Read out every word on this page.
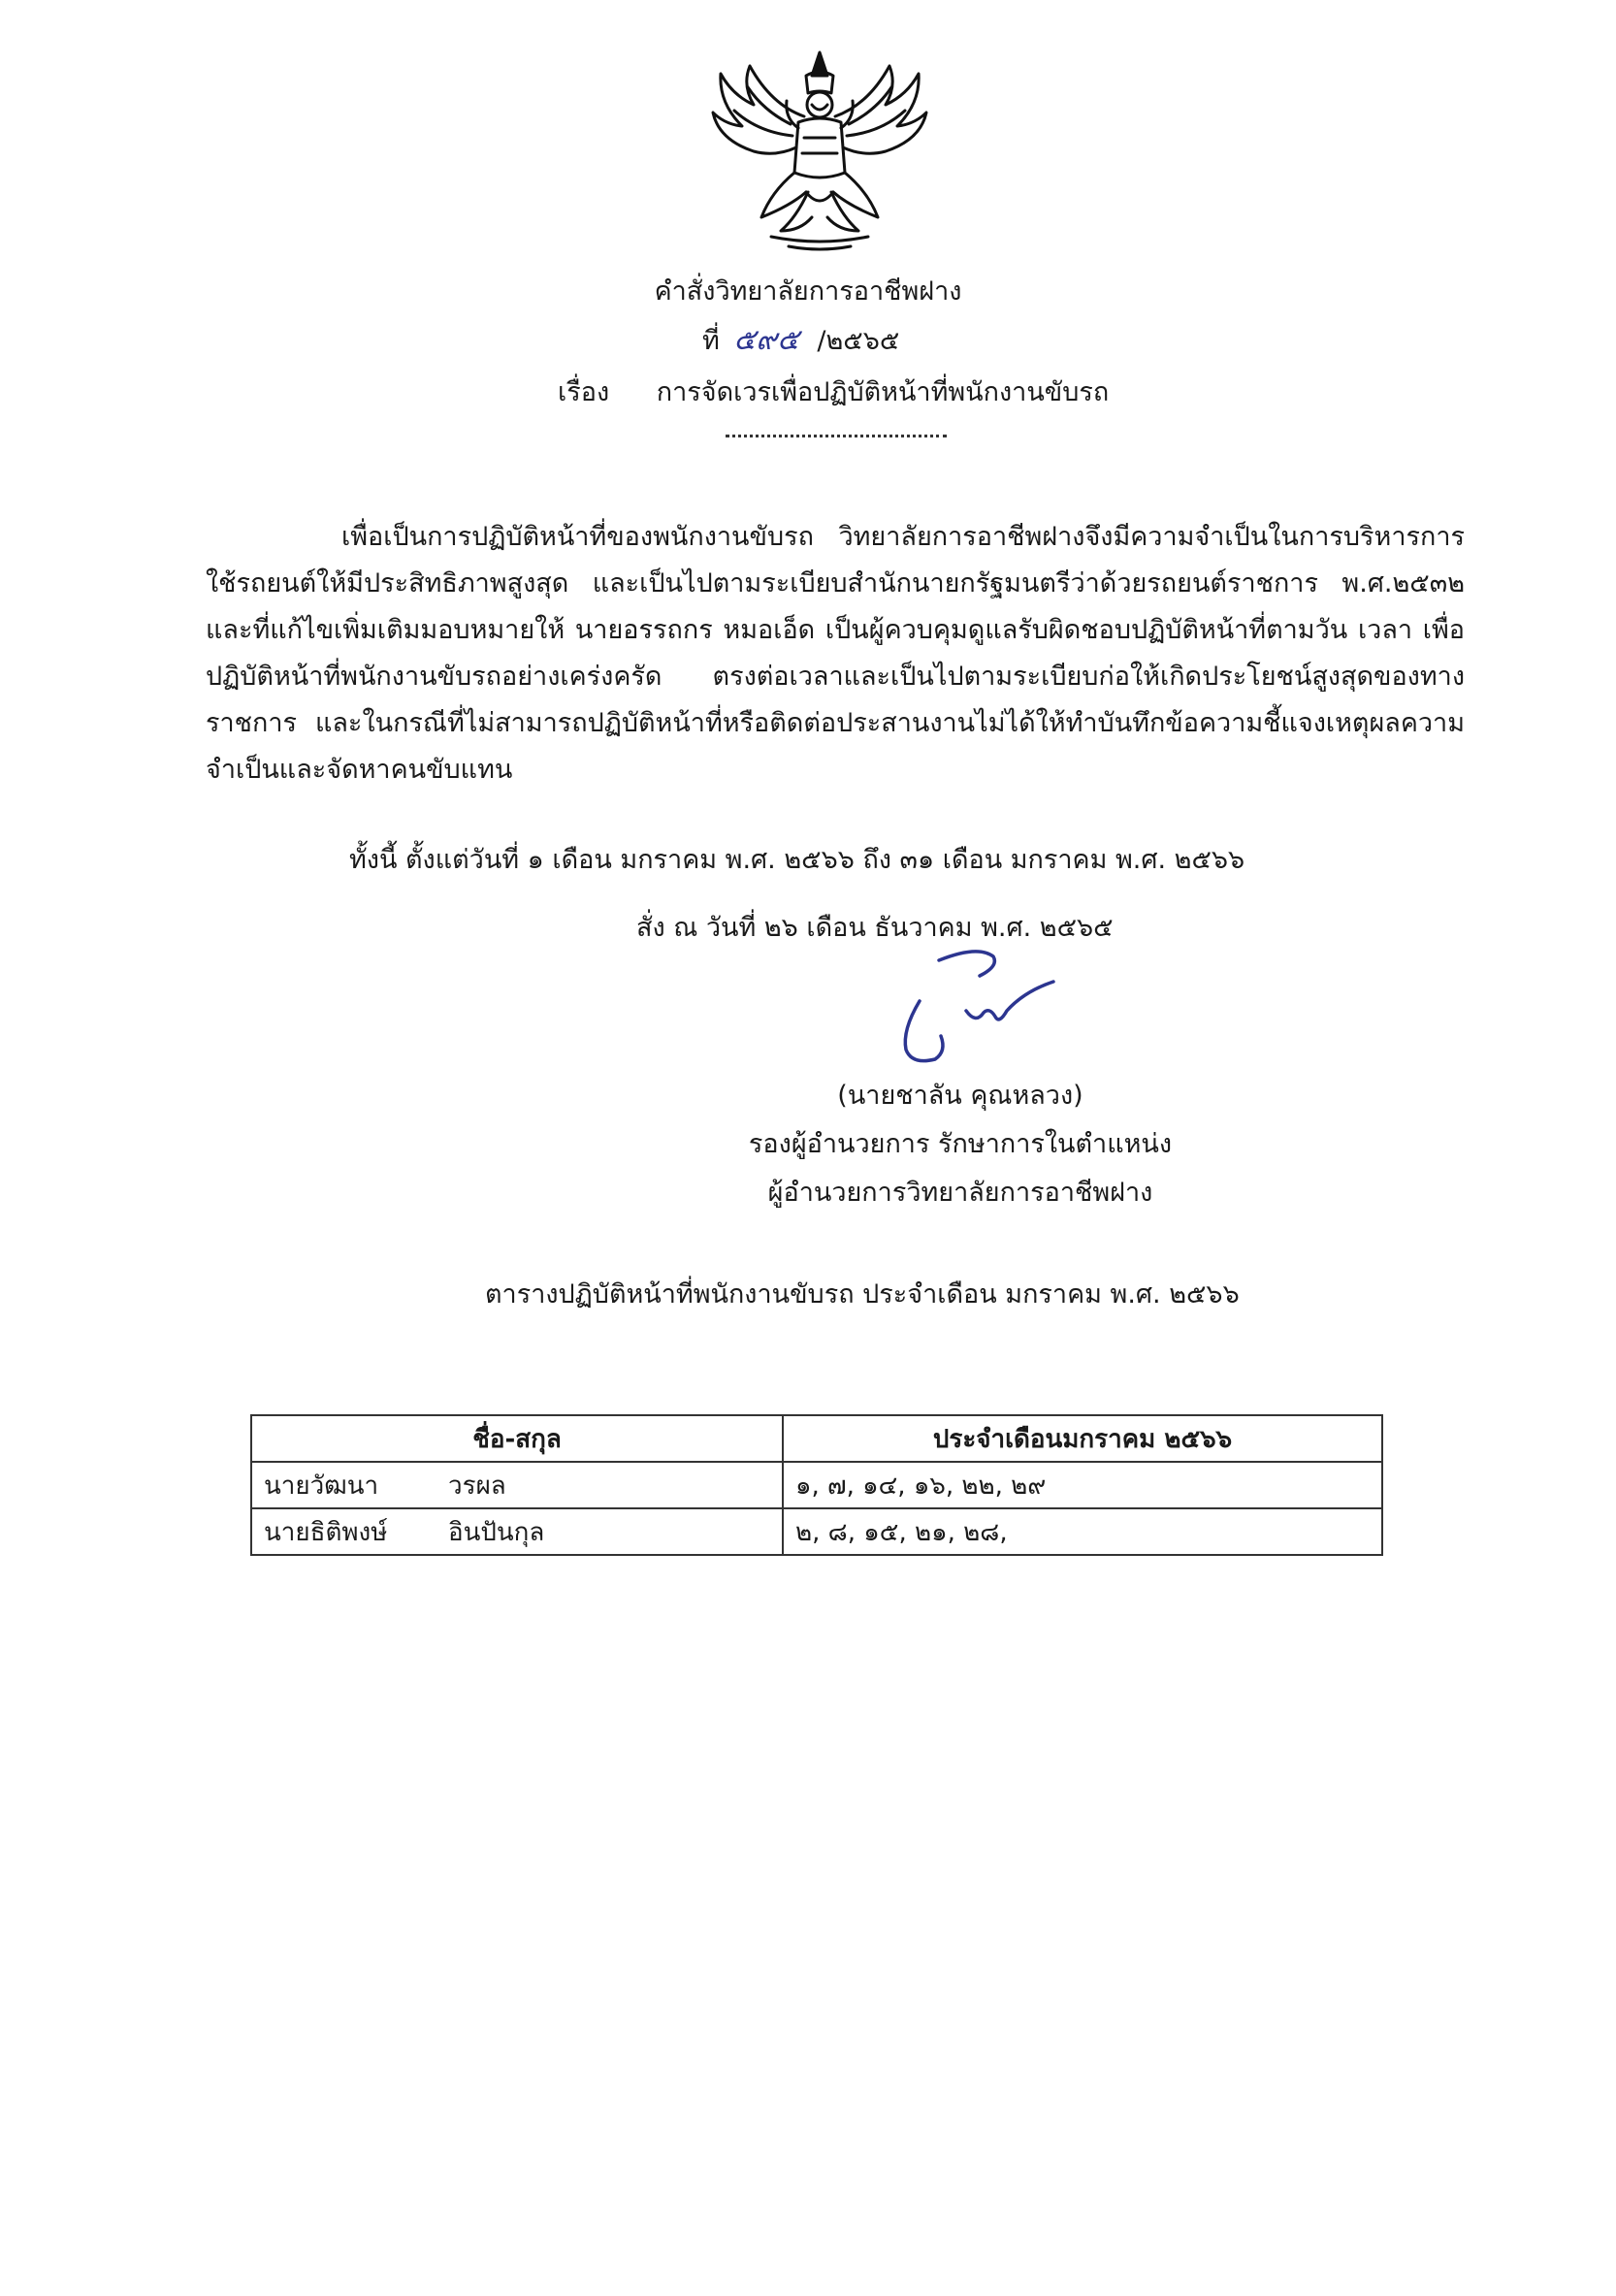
คำสั่งวิทยาลัยการอาชีพฝาง
ที่ ๕๙๕ /๒๕๖๕
เรื่อง การจัดเวรเพื่อปฏิบัติหน้าที่พนักงานขับรถ

เพื่อเป็นการปฏิบัติหน้าที่ของพนักงานขับรถ วิทยาลัยการอาชีพฝางจึงมีความจำเป็นในการบริหารการใช้รถยนต์ให้มีประสิทธิภาพสูงสุด และเป็นไปตามระเบียบสำนักนายกรัฐมนตรีว่าด้วยรถยนต์ราชการ พ.ศ.๒๕๓๒ และที่แก้ไขเพิ่มเติมมอบหมายให้ นายอรรถกร หมอเอ็ด เป็นผู้ควบคุมดูแลรับผิดชอบปฏิบัติหน้าที่ตามวัน เวลา เพื่อปฏิบัติหน้าที่พนักงานขับรถอย่างเคร่งครัด ตรงต่อเวลาและเป็นไปตามระเบียบก่อให้เกิดประโยชน์สูงสุดของทางราชการ และในกรณีที่ไม่สามารถปฏิบัติหน้าที่หรือติดต่อประสานงานไม่ได้ให้ทำบันทึกข้อความชี้แจงเหตุผลความจำเป็นและจัดหาคนขับแทน

ทั้งนี้ ตั้งแต่วันที่ ๑ เดือน มกราคม พ.ศ. ๒๕๖๖ ถึง ๓๑ เดือน มกราคม พ.ศ. ๒๕๖๖
สั่ง ณ วันที่ ๒๖ เดือน ธันวาคม พ.ศ. ๒๕๖๕
(นายชาลัน คุณหลวง)
รองผู้อำนวยการ รักษาการในตำแหน่ง
ผู้อำนวยการวิทยาลัยการอาชีพฝาง
ตารางปฏิบัติหน้าที่พนักงานขับรถ ประจำเดือน มกราคม พ.ศ. ๒๕๖๖
ชื่อ-สกุล	ประจำเดือนมกราคม ๒๕๖๖
นายวัฒนา วรผล	๑, ๗, ๑๔, ๑๖, ๒๒, ๒๙
นายธิติพงษ์ อินปันกุล	๒, ๘, ๑๕, ๒๑, ๒๘,
